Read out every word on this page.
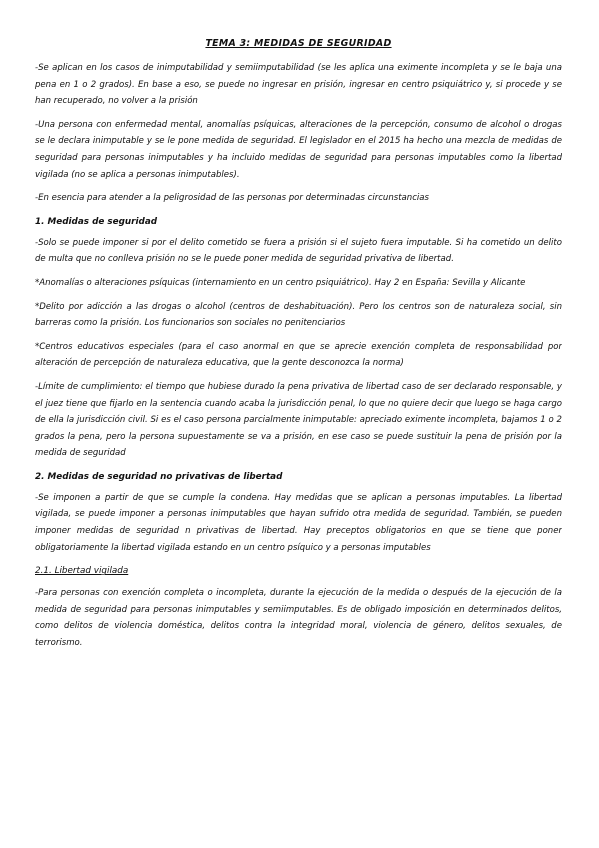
TEMA 3: MEDIDAS DE SEGURIDAD

-Se aplican en los casos de inimputabilidad y semiimputabilidad (se les aplica una eximente incompleta y se le baja una pena en 1 o 2 grados). En base a eso, se puede no ingresar en prisión, ingresar en centro psiquiátrico y, si procede y se han recuperado, no volver a la prisión

-Una persona con enfermedad mental, anomalías psíquicas, alteraciones de la percepción, consumo de alcohol o drogas se le declara inimputable y se le pone medida de seguridad. El legislador en el 2015 ha hecho una mezcla de medidas de seguridad para personas inimputables y ha incluido medidas de seguridad para personas imputables como la libertad vigilada (no se aplica a personas inimputables).

-En esencia para atender a la peligrosidad de las personas por determinadas circunstancias

1. Medidas de seguridad

-Solo se puede imponer si por el delito cometido se fuera a prisión si el sujeto fuera imputable. Si ha cometido un delito de multa que no conlleva prisión no se le puede poner medida de seguridad privativa de libertad.

*Anomalías o alteraciones psíquicas (internamiento en un centro psiquiátrico). Hay 2 en España: Sevilla y Alicante

*Delito por adicción a las drogas o alcohol (centros de deshabituación). Pero los centros son de naturaleza social, sin barreras como la prisión. Los funcionarios son sociales no penitenciarios

*Centros educativos especiales (para el caso anormal en que se aprecie exención completa de responsabilidad por alteración de percepción de naturaleza educativa, que la gente desconozca la norma)

-Límite de cumplimiento: el tiempo que hubiese durado la pena privativa de libertad caso de ser declarado responsable, y el juez tiene que fijarlo en la sentencia cuando acaba la jurisdicción penal, lo que no quiere decir que luego se haga cargo de ella la jurisdicción civil. Si es el caso persona parcialmente inimputable: apreciado eximente incompleta, bajamos 1 o 2 grados la pena, pero la persona supuestamente se va a prisión, en ese caso se puede sustituir la pena de prisión por la medida de seguridad

2. Medidas de seguridad no privativas de libertad

-Se imponen a partir de que se cumple la condena. Hay medidas que se aplican a personas imputables. La libertad vigilada, se puede imponer a personas inimputables que hayan sufrido otra medida de seguridad. También, se pueden imponer medidas de seguridad n privativas de libertad. Hay preceptos obligatorios en que se tiene que poner obligatoriamente la libertad vigilada estando en un centro psíquico y a personas imputables

2.1. Libertad vigilada

-Para personas con exención completa o incompleta, durante la ejecución de la medida o después de la ejecución de la medida de seguridad para personas inimputables y semiimputables. Es de obligado imposición en determinados delitos, como delitos de violencia doméstica, delitos contra la integridad moral, violencia de género, delitos sexuales, de terrorismo.
